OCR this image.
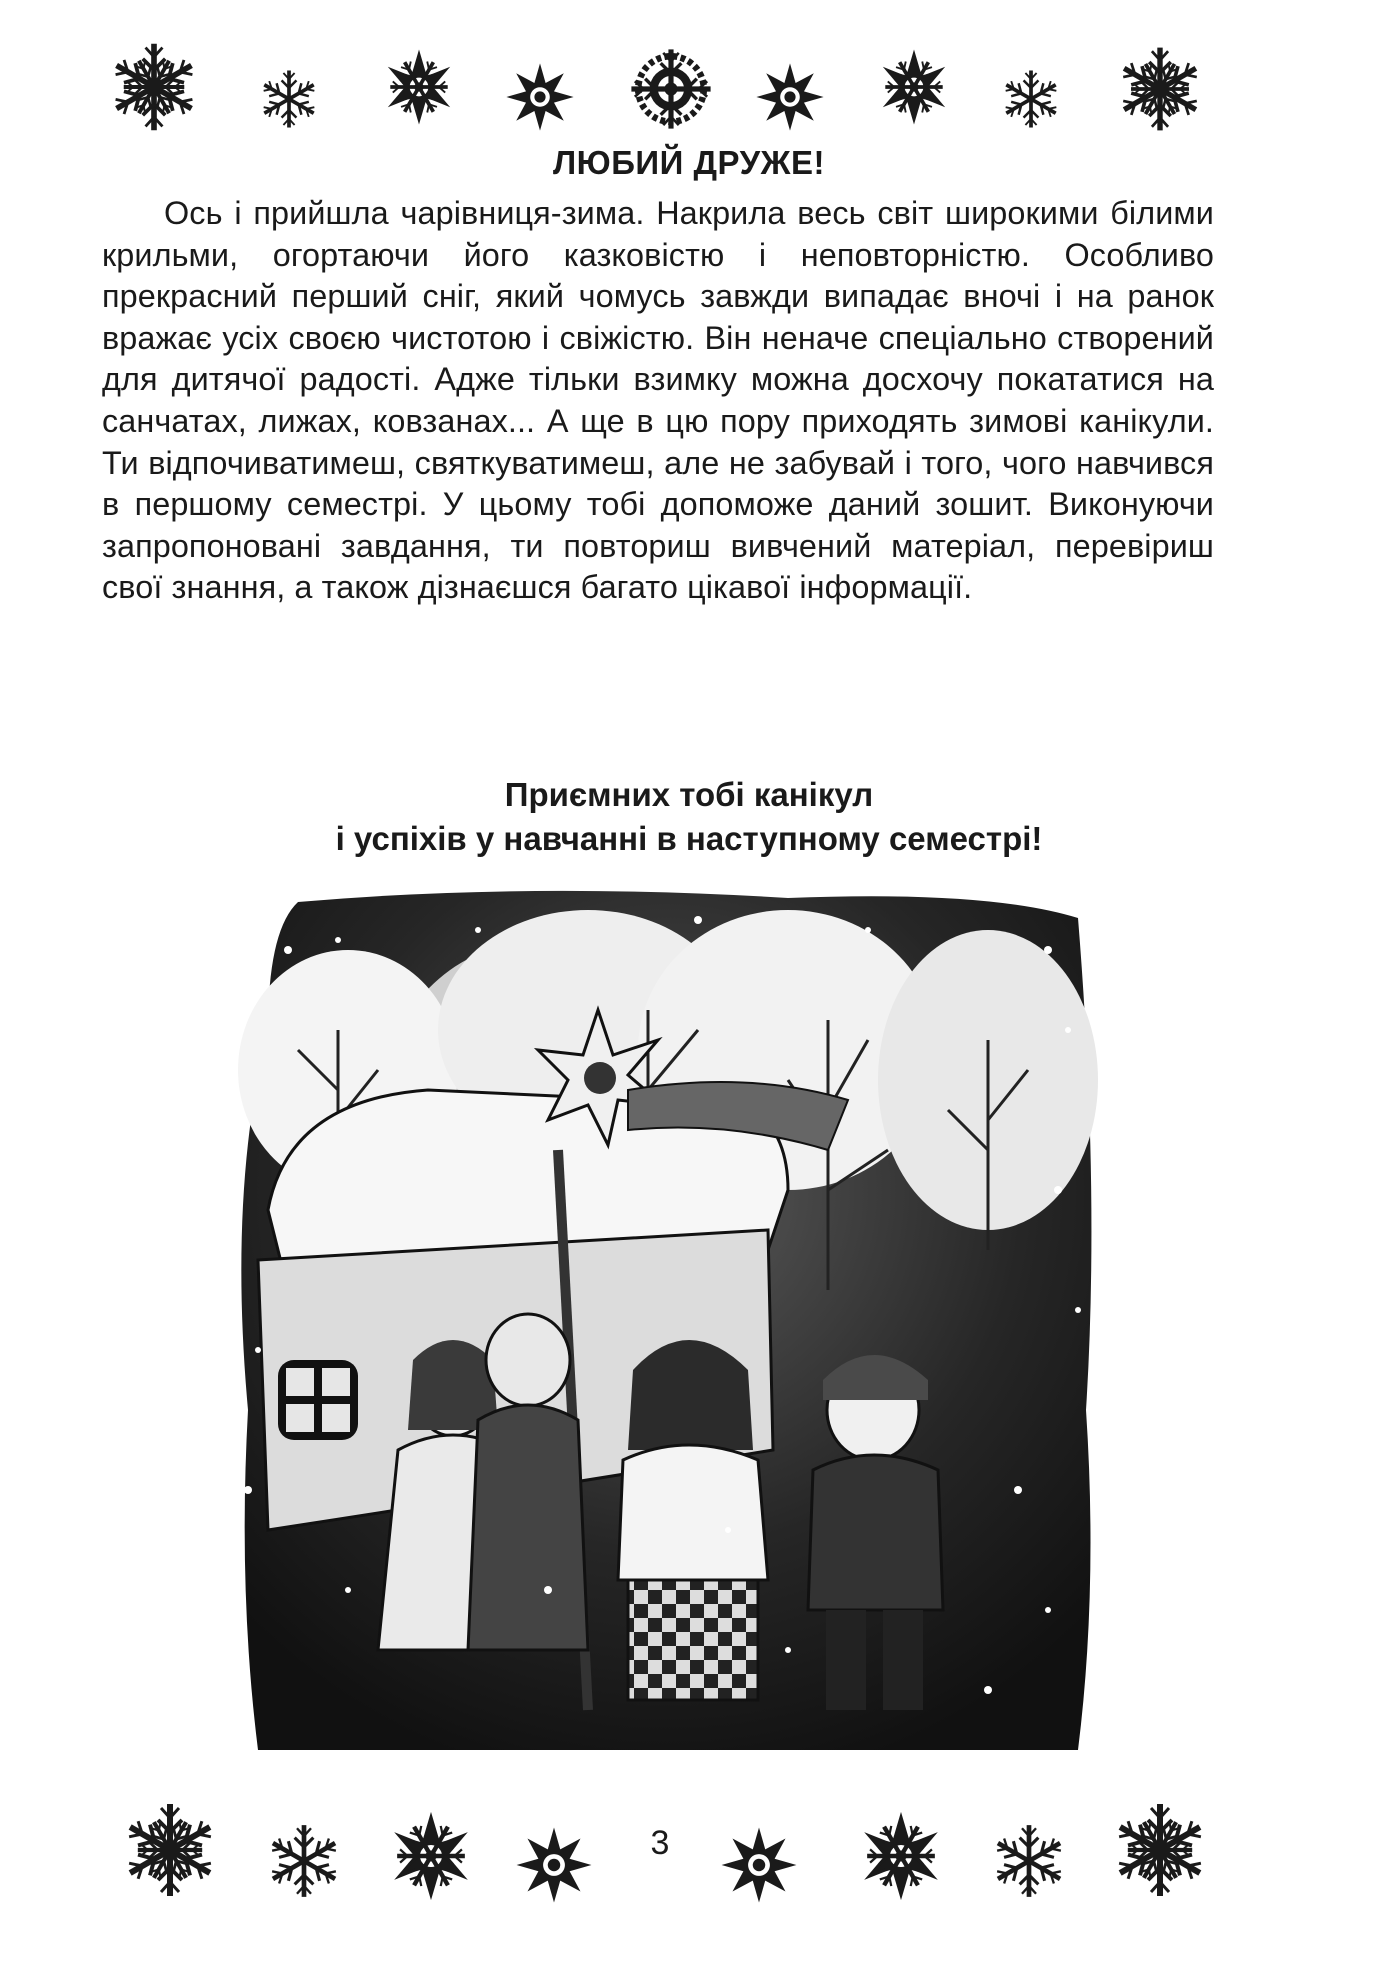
ЛЮБИЙ ДРУЖЕ!

Ось і прийшла чарівниця-зима. Накрила весь світ широкими білими крильми, огортаючи його казковістю і неповторністю. Особливо прекрасний перший сніг, який чомусь завжди випадає вночі і на ранок вражає усіх своєю чистотою і свіжістю. Він неначе спеціально створений для дитячої радості. Адже тільки взимку можна досхочу покататися на санчатах, лижах, ковзанах... А ще в цю пору приходять зимові канікули. Ти відпочиватимеш, святкуватимеш, але не забувай і того, чого навчився в першому семестрі. У цьому тобі допоможе даний зошит. Виконуючи запропоновані завдання, ти повториш вивчений матеріал, перевіриш свої знання, а також дізнаєшся багато цікавої інформації.

Приємних тобі канікул

і успіхів у навчанні в наступному семестрі!

3
